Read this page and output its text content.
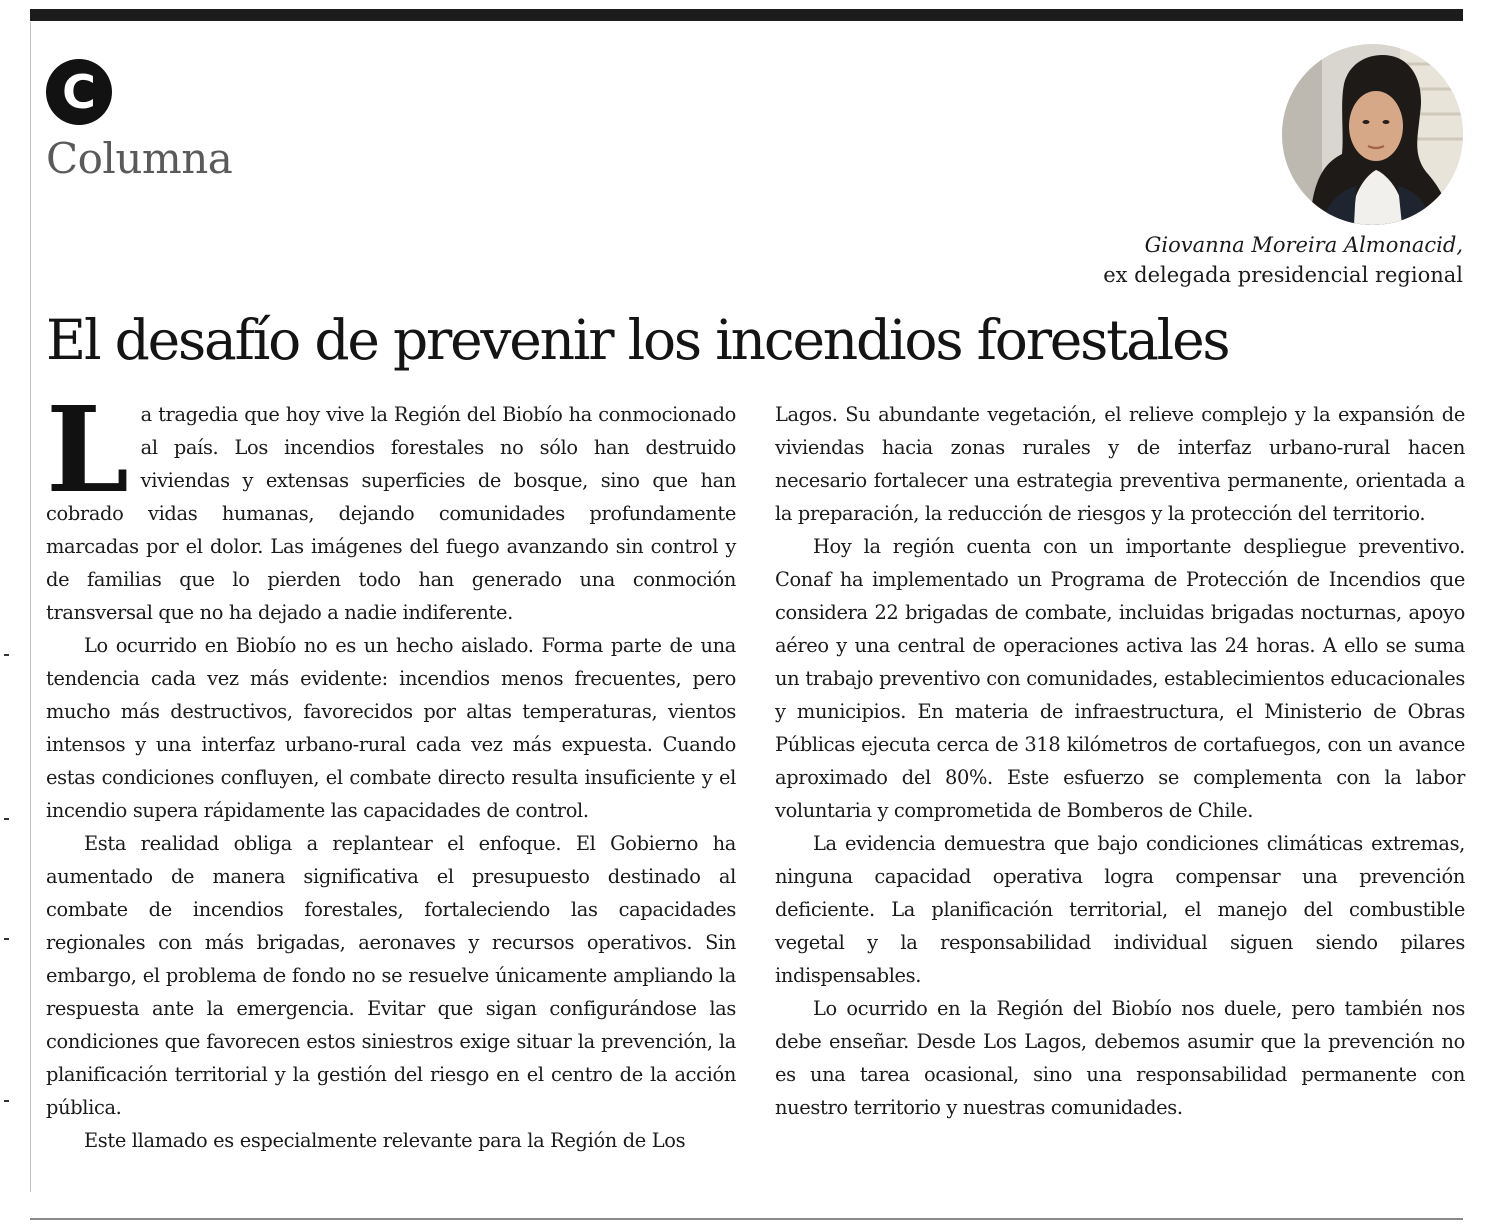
C
Columna
Giovanna Moreira Almonacid,
ex delegada presidencial regional
El desafío de prevenir los incendios forestales

La tragedia que hoy vive la Región del Biobío ha conmocionado al país. Los incendios forestales no sólo han destruido viviendas y extensas superficies de bosque, sino que han cobrado vidas humanas, dejando comunidades profundamente marcadas por el dolor. Las imágenes del fuego avanzando sin control y de familias que lo pierden todo han generado una conmoción transversal que no ha dejado a nadie indiferente.

Lo ocurrido en Biobío no es un hecho aislado. Forma parte de una tendencia cada vez más evidente: incendios menos frecuentes, pero mucho más destructivos, favorecidos por altas temperaturas, vientos intensos y una interfaz urbano-rural cada vez más expuesta. Cuando estas condiciones confluyen, el combate directo resulta insuficiente y el incendio supera rápidamente las capacidades de control.

Esta realidad obliga a replantear el enfoque. El Gobierno ha aumentado de manera significativa el presupuesto destinado al combate de incendios forestales, fortaleciendo las capacidades regionales con más brigadas, aeronaves y recursos operativos. Sin embargo, el problema de fondo no se resuelve únicamente ampliando la respuesta ante la emergencia. Evitar que sigan configurándose las condiciones que favorecen estos siniestros exige situar la prevención, la planificación territorial y la gestión del riesgo en el centro de la acción pública.

Este llamado es especialmente relevante para la Región de Los

Lagos. Su abundante vegetación, el relieve complejo y la expansión de viviendas hacia zonas rurales y de interfaz urbano-rural hacen necesario fortalecer una estrategia preventiva permanente, orientada a la preparación, la reducción de riesgos y la protección del territorio.

Hoy la región cuenta con un importante despliegue preventivo. Conaf ha implementado un Programa de Protección de Incendios que considera 22 brigadas de combate, incluidas brigadas nocturnas, apoyo aéreo y una central de operaciones activa las 24 horas. A ello se suma un trabajo preventivo con comunidades, establecimientos educacionales y municipios. En materia de infraestructura, el Ministerio de Obras Públicas ejecuta cerca de 318 kilómetros de cortafuegos, con un avance aproximado del 80%. Este esfuerzo se complementa con la labor voluntaria y comprometida de Bomberos de Chile.

La evidencia demuestra que bajo condiciones climáticas extremas, ninguna capacidad operativa logra compensar una prevención deficiente. La planificación territorial, el manejo del combustible vegetal y la responsabilidad individual siguen siendo pilares indispensables.

Lo ocurrido en la Región del Biobío nos duele, pero también nos debe enseñar. Desde Los Lagos, debemos asumir que la prevención no es una tarea ocasional, sino una responsabilidad permanente con nuestro territorio y nuestras comunidades.
